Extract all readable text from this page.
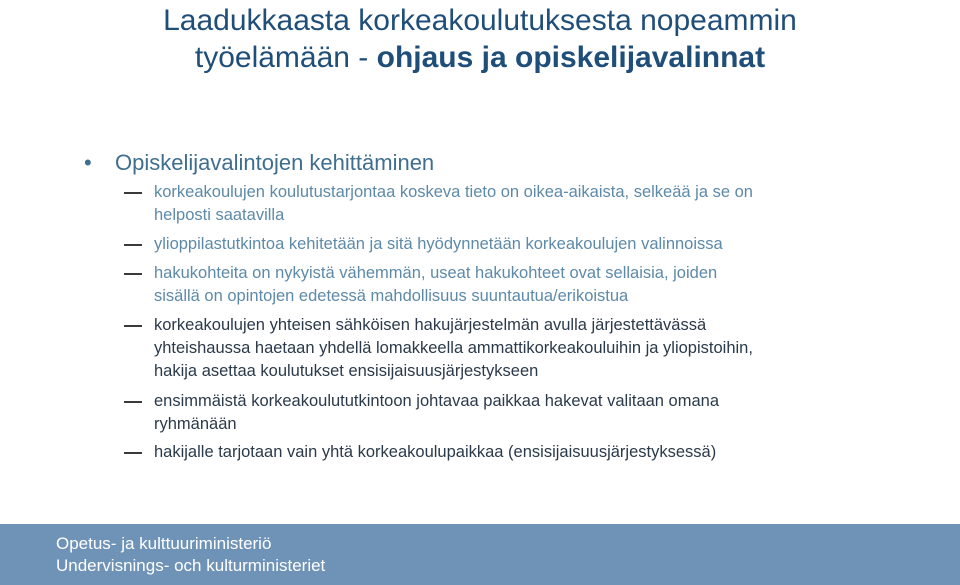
Laadukkaasta korkeakoulutuksesta nopeammin
työelämään - ohjaus ja opiskelijavalinnat
• Opiskelijavalintojen kehittäminen
korkeakoulujen koulutustarjontaa koskeva tieto on oikea-aikaista, selkeää ja se on
helposti saatavilla
ylioppilastutkintoa kehitetään ja sitä hyödynnetään korkeakoulujen valinnoissa
hakukohteita on nykyistä vähemmän, useat hakukohteet ovat sellaisia, joiden
sisällä on opintojen edetessä mahdollisuus suuntautua/erikoistua
korkeakoulujen yhteisen sähköisen hakujärjestelmän avulla järjestettävässä
yhteishaussa haetaan yhdellä lomakkeella ammattikorkeakouluihin ja yliopistoihin,
hakija asettaa koulutukset ensisijaisuusjärjestykseen
ensimmäistä korkeakoulututkintoon johtavaa paikkaa hakevat valitaan omana
ryhmänään
hakijalle tarjotaan vain yhtä korkeakoulupaikkaa (ensisijaisuusjärjestyksessä)
Opetus- ja kulttuuriministeriö
Undervisnings- och kulturministeriet
